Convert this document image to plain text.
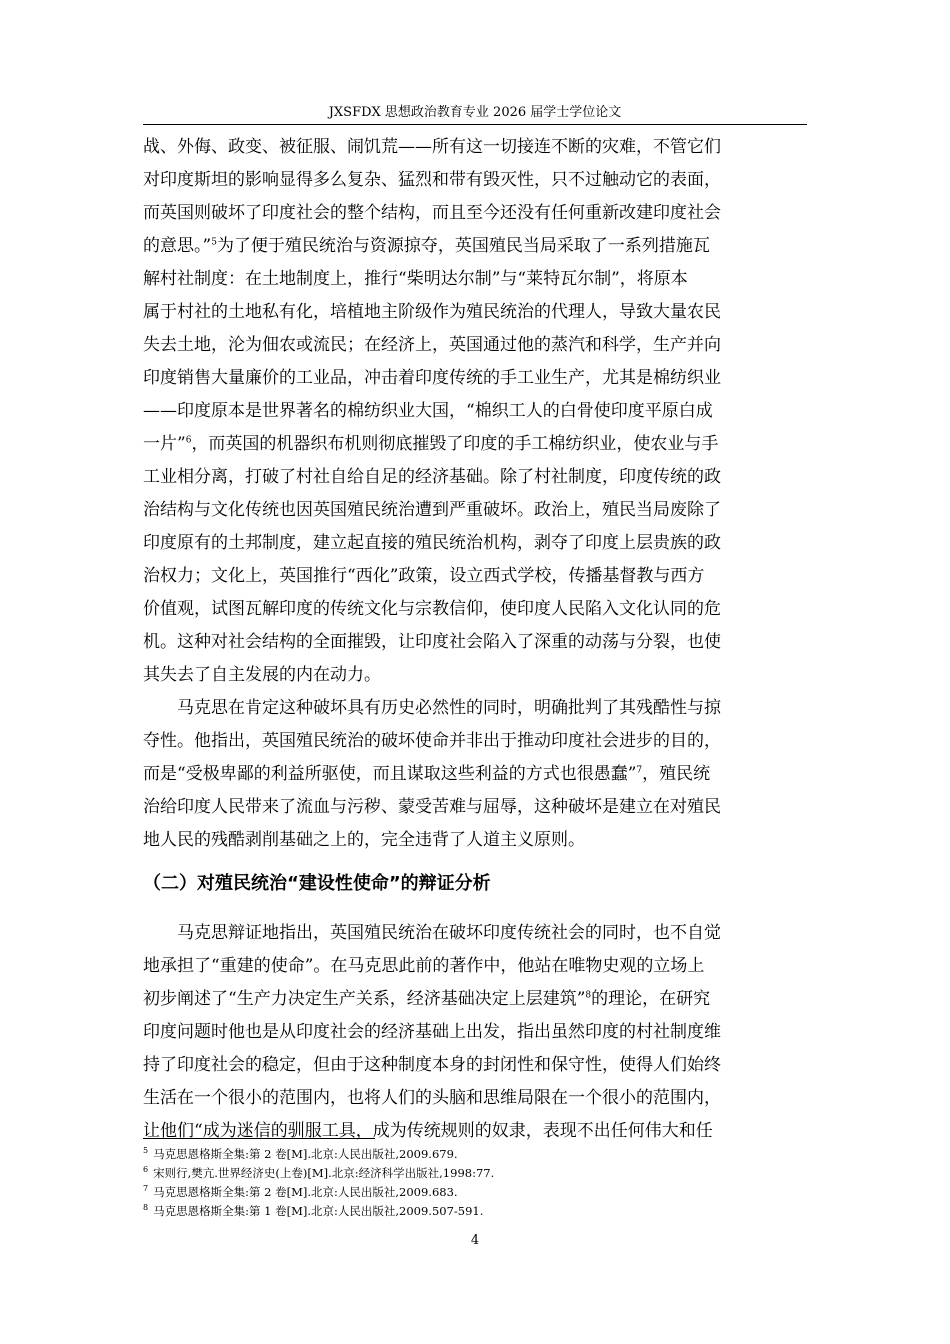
JXSFDX 思想政治教育专业 2026 届学士学位论文

战、外侮、政变、被征服、闹饥荒——所有这一切接连不断的灾难，不管它们
对印度斯坦的影响显得多么复杂、猛烈和带有毁灭性，只不过触动它的表面，
而英国则破坏了印度社会的整个结构，而且至今还没有任何重新改建印度社会
的意思。”$^5$为了便于殖民统治与资源掠夺，英国殖民当局采取了一系列措施瓦
解村社制度：在土地制度上，推行“柴明达尔制”与“莱特瓦尔制”，将原本
属于村社的土地私有化，培植地主阶级作为殖民统治的代理人，导致大量农民
失去土地，沦为佃农或流民；在经济上，英国通过他的蒸汽和科学，生产并向
印度销售大量廉价的工业品，冲击着印度传统的手工业生产，尤其是棉纺织业
——印度原本是世界著名的棉纺织业大国，“棉织工人的白骨使印度平原白成
一片”$^6$，而英国的机器织布机则彻底摧毁了印度的手工棉纺织业，使农业与手
工业相分离，打破了村社自给自足的经济基础。除了村社制度，印度传统的政
治结构与文化传统也因英国殖民统治遭到严重破坏。政治上，殖民当局废除了
印度原有的土邦制度，建立起直接的殖民统治机构，剥夺了印度上层贵族的政
治权力；文化上，英国推行“西化”政策，设立西式学校，传播基督教与西方
价值观，试图瓦解印度的传统文化与宗教信仰，使印度人民陷入文化认同的危
机。这种对社会结构的全面摧毁，让印度社会陷入了深重的动荡与分裂，也使
其失去了自主发展的内在动力。

马克思在肯定这种破坏具有历史必然性的同时，明确批判了其残酷性与掠
夺性。他指出，英国殖民统治的破坏使命并非出于推动印度社会进步的目的，
而是“受极卑鄙的利益所驱使，而且谋取这些利益的方式也很愚蠢”$^7$，殖民统
治给印度人民带来了流血与污秽、蒙受苦难与屈辱，这种破坏是建立在对殖民
地人民的残酷剥削基础之上的，完全违背了人道主义原则。

（二）对殖民统治“建设性使命”的辩证分析

马克思辩证地指出，英国殖民统治在破坏印度传统社会的同时，也不自觉
地承担了“重建的使命”。在马克思此前的著作中，他站在唯物史观的立场上
初步阐述了“生产力决定生产关系，经济基础决定上层建筑”$^8$的理论，在研究
印度问题时他也是从印度社会的经济基础上出发，指出虽然印度的村社制度维
持了印度社会的稳定，但由于这种制度本身的封闭性和保守性，使得人们始终
生活在一个很小的范围内，也将人们的头脑和思维局限在一个很小的范围内，
让他们“成为迷信的驯服工具，成为传统规则的奴隶，表现不出任何伟大和任

$^5$ 马克思恩格斯全集:第 2 卷[M].北京:人民出版社,2009.679.
$^6$ 宋则行,樊亢.世界经济史(上卷)[M].北京:经济科学出版社,1998:77.
$^7$ 马克思恩格斯全集:第 2 卷[M].北京:人民出版社,2009.683.
$^8$ 马克思恩格斯全集:第 1 卷[M].北京:人民出版社,2009.507-591.
4
